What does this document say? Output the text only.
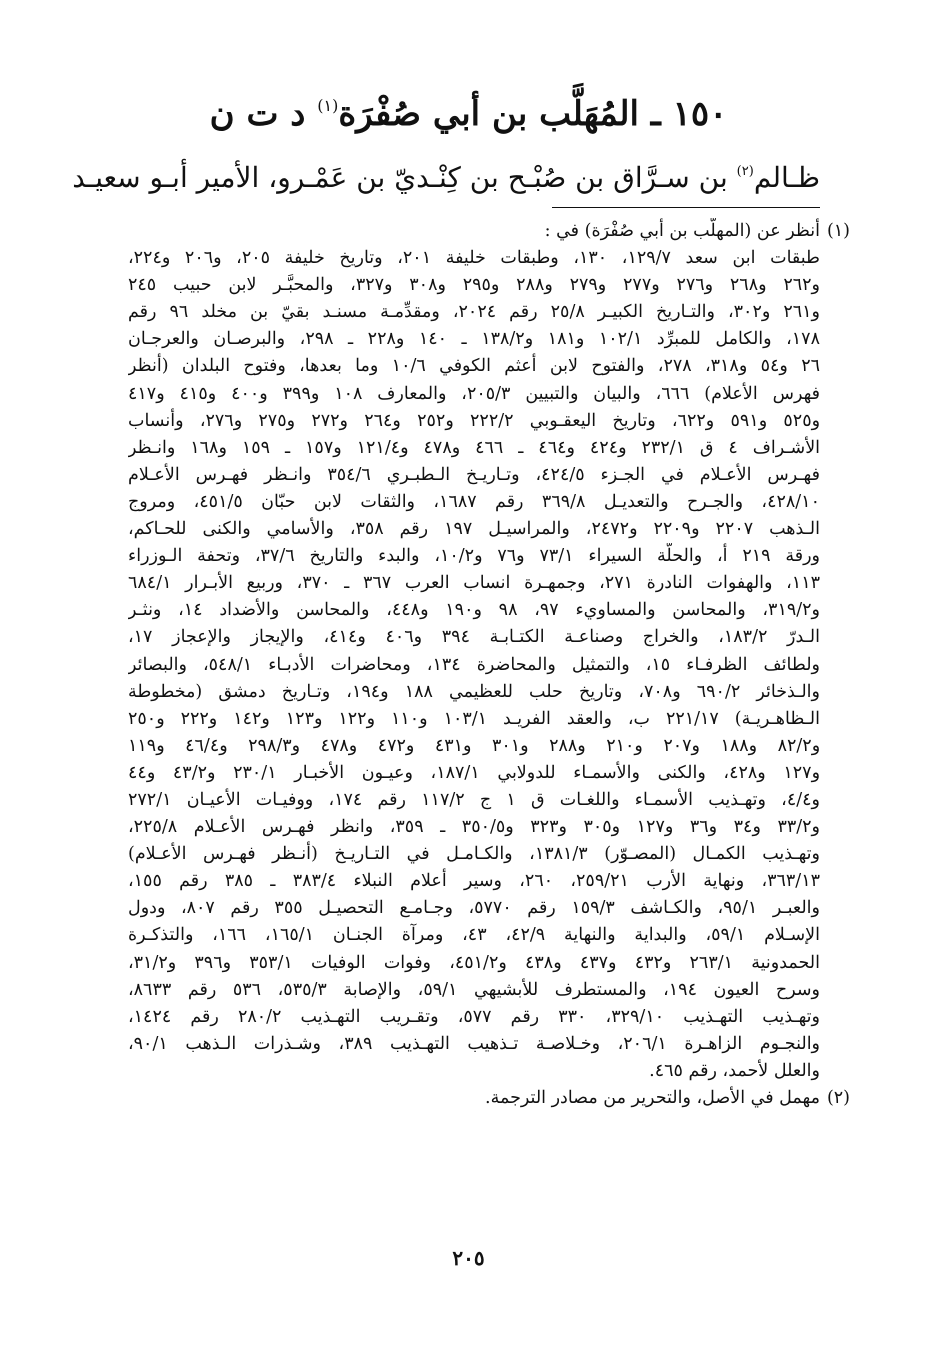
١٥٠ ـ المُهَلَّب بن أبي صُفْرَة$^{(١)}$ د ت ن
ظـالم$^{(٢)}$ بن سـرَّاق بن صُبْـح بن كِنْـديّ بن عَمْـرو، الأمير أبـو سعيـد
(١)
أنظر عن (المهلَّب بن أبي صُفْرَة) في :
طبقات ابن سعد ١٢٩/٧، ١٣٠، وطبقات خليفة ٢٠١، وتاريخ خليفة ٢٠٥، و٢٠٦ و٢٢٤،
و٢٦٢ و٢٦٨ و٢٧٦ و٢٧٧ و٢٧٩ و٢٨٨ و٢٩٥ و٣٠٨ و٣٢٧، والمحبَّـر لابن حبيب ٢٤٥
و٢٦١ و٣٠٢، والتـاريخ الكبيـر ٢٥/٨ رقم ٢٠٢٤، ومقدِّمـة مسنـد بقيّ بن مخلد ٩٦ رقم
١٧٨، والكامل للمبرِّد ١٠٢/١ و١٨١ و١٣٨/٢ ـ ١٤٠ و٢٢٨ ـ ٢٩٨، والبرصـان والعرجـان
٢٦ و٥٤ و٣١٨، ٢٧٨، والفتوح لابن أعثم الكوفي ١٠/٦ وما بعدها، وفتوح البلدان (أنظر
فهرس الأعلام) ٦٦٦، والبيان والتبيين ٢٠٥/٣، والمعارف ١٠٨ و٣٩٩ و٤٠٠ و٤١٥ و٤١٧
و٥٢٥ و٥٩١ و٦٢٢، وتاريخ اليعقـوبي ٢٢٢/٢ و٢٥٢ و٢٦٤ و٢٧٢ و٢٧٥ و٢٧٦، وأنساب
الأشـراف ٤ ق ٢٣٢/١ و٤٢٤ و٤٦٤ ـ ٤٦٦ و٤٧٨ و١٢١/٤ و١٥٧ ـ ١٥٩ و١٦٨ وانـظر
فهـرس الأعـلام في الجـزء ٤٢٤/٥، وتـاريـخ الـطبـري ٣٥٤/٦ وانـظر فهـرس الأعـلام
٤٢٨/١٠، والجـرح والتعديـل ٣٦٩/٨ رقم ١٦٨٧، والثقات لابن حبّان ٤٥١/٥، ومروج
الـذهب ٢٢٠٧ و٢٢٠٩ و٢٤٧٢، والمراسيـل ١٩٧ رقم ٣٥٨، والأسامي والكنى للحـاكم،
ورقة ٢١٩ أ، والحلّة السيراء ٧٣/١ و٧٦ و١٠/٢، والبدء والتاريخ ٣٧/٦، وتحفة الـوزراء
١١٣، والهفوات النادرة ٢٧١، وجمهـرة انساب العرب ٣٦٧ ـ ٣٧٠، وربيع الأبـرار ٦٨٤/١
و٣١٩/٢، والمحاسن والمساويء ٩٧، ٩٨ و١٩٠ و٤٤٨، والمحاسن والأضداد ١٤، ونثـر
الـدرّ ١٨٣/٢، والخراج وصناعـة الكتـابـة ٣٩٤ و٤٠٦ و٤١٤، والإيجاز والإعجاز ١٧،
ولطائف الظرفـاء ١٥، والتمثيل والمحاضرة ١٣٤، ومحاضرات الأدبـاء ٥٤٨/١، والبصائر
والـذخائر ٦٩٠/٢ و٧٠٨، وتاريخ حلب للعظيمي ١٨٨ و١٩٤، وتـاريخ دمشق (مخطوطة
الـظاهـريـة) ٢٢١/١٧ ب، والعقد الفريـد ١٠٣/١ و١١٠ و١٢٢ و١٢٣ و١٤٢ و٢٢٢ و٢٥٠
و٨٢/٢ و١٨٨ و٢٠٧ و٢١٠ و٢٨٨ و٣٠١ و٤٣١ و٤٧٢ و٤٧٨ و٢٩٨/٣ و٤٦/٤ و١١٩
و١٢٧ و٤٢٨، والكنى والأسمـاء للدولابي ١٨٧/١، وعيـون الأخبـار ٢٣٠/١ و٤٣/٢ و٤٤
و٤/٤، وتهـذيب الأسمـاء واللغـات ق ١ ج ١١٧/٢ رقم ١٧٤، ووفيـات الأعيـان ٢٧٢/١
و٣٣/٢ و٣٤ و٣٦ و١٢٧ و٣٠٥ و٣٢٣ و٣٥٠/٥ ـ ٣٥٩، وانظر فهـرس الأعـلام ٢٢٥/٨،
وتهـذيب الكمـال (المصـوّر) ١٣٨١/٣، والكـامـل في التـاريـخ (أنـظر فهـرس الأعـلام)
٣٦٣/١٣، ونهاية الأرب ٢٥٩/٢١، ٢٦٠، وسير أعلام النبلاء ٣٨٣/٤ ـ ٣٨٥ رقم ١٥٥،
والعبـر ٩٥/١، والكـاشف ١٥٩/٣ رقم ٥٧٧٠، وجـامـع التحصيـل ٣٥٥ رقم ٨٠٧، ودول
الإسـلام ٥٩/١، والبداية والنهاية ٤٢/٩، ٤٣، ومرآة الجنـان ١٦٥/١، ١٦٦، والتذكـرة
الحمدونية ٢٦٣/١ و٤٣٢ و٤٣٧ و٤٣٨ و٤٥١/٢، وفوات الوفيات ٣٥٣/١ و٣٩٦ و٣١/٢،
وسرح العيون ١٩٤، والمستطرف للأبشيهي ٥٩/١، والإصابة ٥٣٥/٣، ٥٣٦ رقم ٨٦٣٣،
وتهـذيب التهـذيب ٣٢٩/١٠، ٣٣٠ رقم ٥٧٧، وتقـريب التهـذيب ٢٨٠/٢ رقم ١٤٢٤،
والنجـوم الزاهـرة ٢٠٦/١، وخـلاصـة تـذهيب التهـذيب ٣٨٩، وشـذرات الـذهب ٩٠/١،
والعلل لأحمد، رقم ٤٦٥.
(٢)
مهمل في الأصل، والتحرير من مصادر الترجمة.
٢٠٥
